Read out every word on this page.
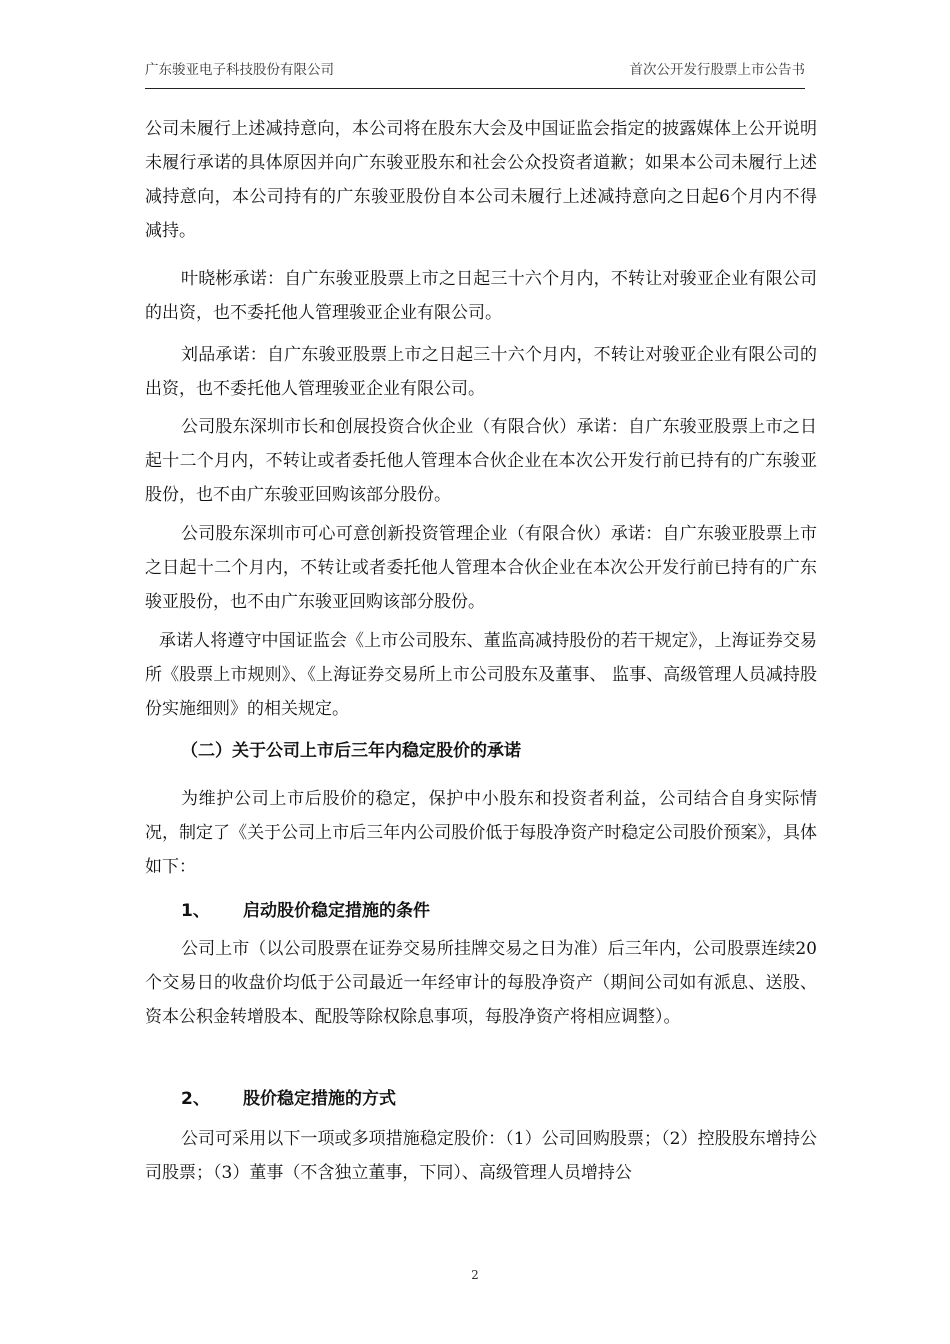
广东骏亚电子科技股份有限公司	首次公开发行股票上市公告书

公司未履行上述减持意向，本公司将在股东大会及中国证监会指定的披露媒体上公开说明未履行承诺的具体原因并向广东骏亚股东和社会公众投资者道歉；如果本公司未履行上述减持意向，本公司持有的广东骏亚股份自本公司未履行上述减持意向之日起6个月内不得减持。

叶晓彬承诺：自广东骏亚股票上市之日起三十六个月内，不转让对骏亚企业有限公司的出资，也不委托他人管理骏亚企业有限公司。

刘品承诺：自广东骏亚股票上市之日起三十六个月内，不转让对骏亚企业有限公司的出资，也不委托他人管理骏亚企业有限公司。

公司股东深圳市长和创展投资合伙企业（有限合伙）承诺：自广东骏亚股票上市之日起十二个月内，不转让或者委托他人管理本合伙企业在本次公开发行前已持有的广东骏亚股份，也不由广东骏亚回购该部分股份。

公司股东深圳市可心可意创新投资管理企业（有限合伙）承诺：自广东骏亚股票上市之日起十二个月内，不转让或者委托他人管理本合伙企业在本次公开发行前已持有的广东骏亚股份，也不由广东骏亚回购该部分股份。

承诺人将遵守中国证监会《上市公司股东、董监高减持股份的若干规定》，上海证券交易所《股票上市规则》、《上海证券交易所上市公司股东及董事、 监事、高级管理人员减持股份实施细则》的相关规定。

（二）关于公司上市后三年内稳定股价的承诺

为维护公司上市后股价的稳定，保护中小股东和投资者利益，公司结合自身实际情况，制定了《关于公司上市后三年内公司股价低于每股净资产时稳定公司股价预案》，具体如下：

1、 启动股价稳定措施的条件

公司上市（以公司股票在证券交易所挂牌交易之日为准）后三年内，公司股票连续20个交易日的收盘价均低于公司最近一年经审计的每股净资产（期间公司如有派息、送股、资本公积金转增股本、配股等除权除息事项，每股净资产将相应调整）。

2、 股价稳定措施的方式

公司可采用以下一项或多项措施稳定股价：（1）公司回购股票；（2）控股股东增持公司股票；（3）董事（不含独立董事，下同）、高级管理人员增持公

2
